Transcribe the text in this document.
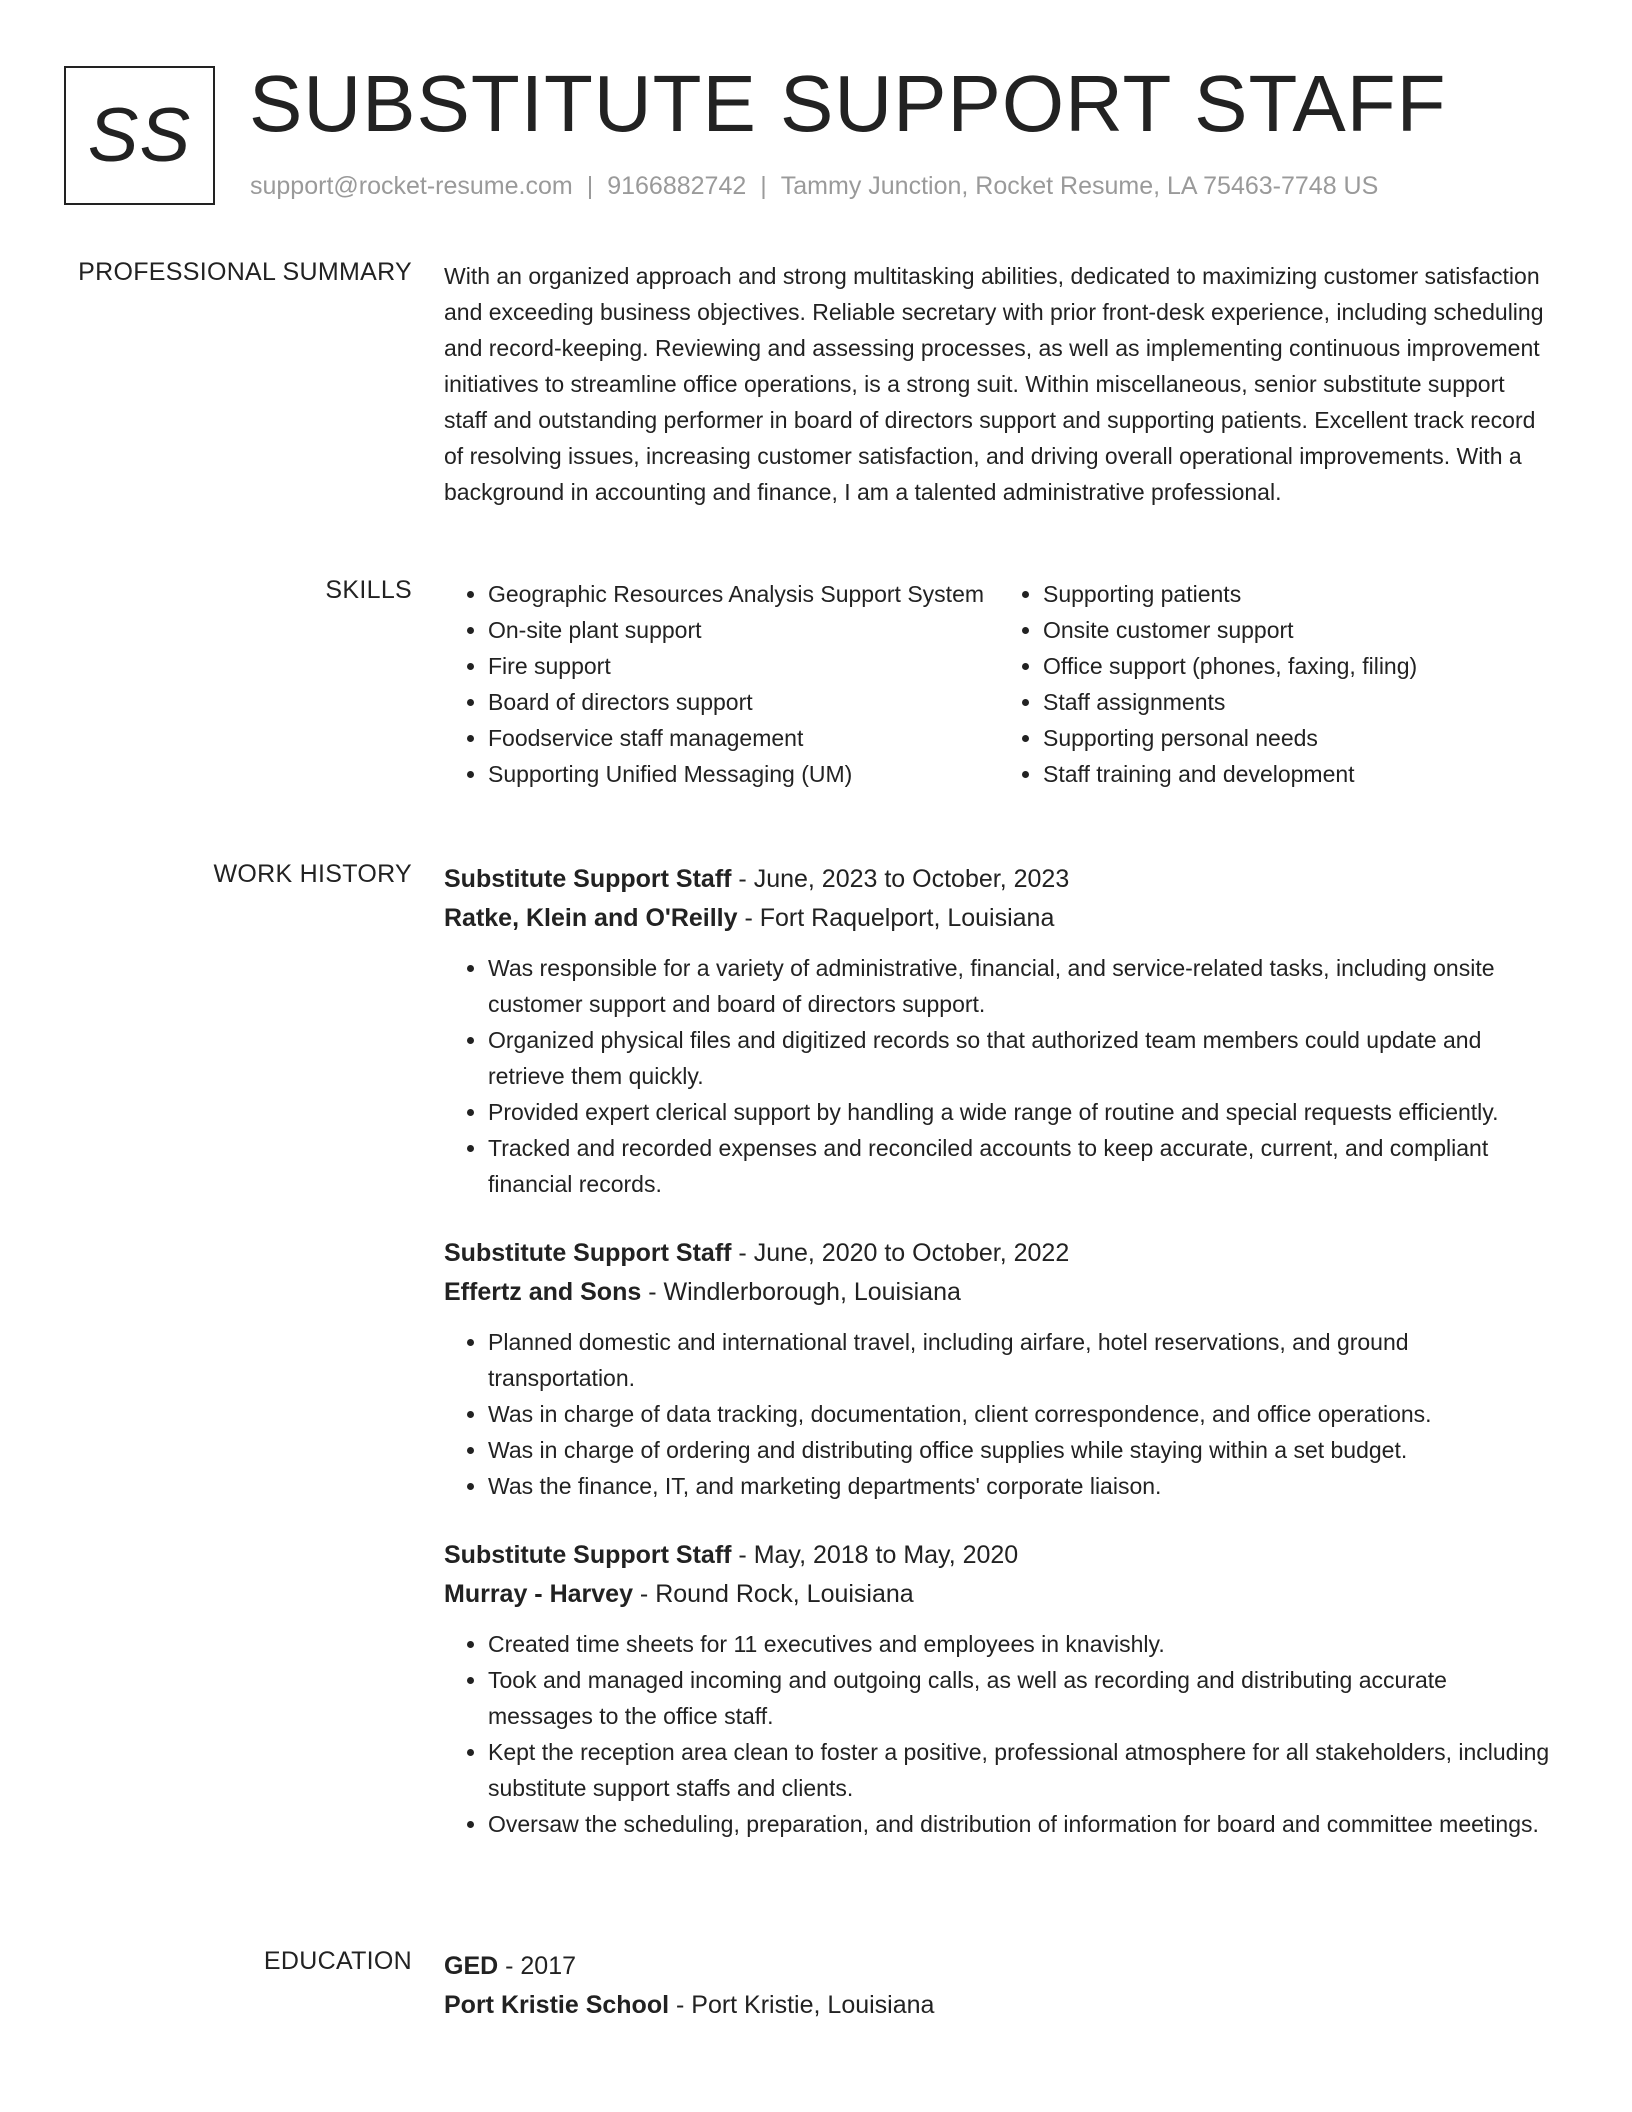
SS SUBSTITUTE SUPPORT STAFF
support@rocket-resume.com | 9166882742 | Tammy Junction, Rocket Resume, LA 75463-7748 US
PROFESSIONAL SUMMARY With an organized approach and strong multitasking abilities, dedicated to maximizing customer satisfaction and exceeding business objectives. Reliable secretary with prior front-desk experience, including scheduling and record-keeping. Reviewing and assessing processes, as well as implementing continuous improvement initiatives to streamline office operations, is a strong suit. Within miscellaneous, senior substitute support staff and outstanding performer in board of directors support and supporting patients. Excellent track record of resolving issues, increasing customer satisfaction, and driving overall operational improvements. With a background in accounting and finance, I am a talented administrative professional.

SKILLS
•	Geographic Resources Analysis Support System
• On-site plant support
• Fire support
• Board of directors support
• Foodservice staff management
• Supporting Unified Messaging (UM)
• Supporting patients
• Onsite customer support
• Office support (phones, faxing, filing)
• Staff assignments
• Supporting personal needs
• Staff training and development
WORK HISTORY Substitute Support Staff - June, 2023 to October, 2023
Ratke, Klein and O'Reilly - Fort Raquelport, Louisiana
• Was responsible for a variety of administrative, financial, and service-related tasks, including onsite customer support and board of directors support.
• Organized physical files and digitized records so that authorized team members could update and retrieve them quickly.
• Provided expert clerical support by handling a wide range of routine and special requests efficiently.
• Tracked and recorded expenses and reconciled accounts to keep accurate, current, and compliant financial records.
Substitute Support Staff - June, 2020 to October, 2022
Effertz and Sons - Windlerborough, Louisiana
• Planned domestic and international travel, including airfare, hotel reservations, and ground transportation.
• Was in charge of data tracking, documentation, client correspondence, and office operations.
• Was in charge of ordering and distributing office supplies while staying within a set budget.
• Was the finance, IT, and marketing departments' corporate liaison.
Substitute Support Staff - May, 2018 to May, 2020
Murray - Harvey - Round Rock, Louisiana
• Created time sheets for 11 executives and employees in knavishly.
• Took and managed incoming and outgoing calls, as well as recording and distributing accurate messages to the office staff.
• Kept the reception area clean to foster a positive, professional atmosphere for all stakeholders, including substitute support staffs and clients.
• Oversaw the scheduling, preparation, and distribution of information for board and committee meetings.
EDUCATION GED - 2017
Port Kristie School - Port Kristie, Louisiana
